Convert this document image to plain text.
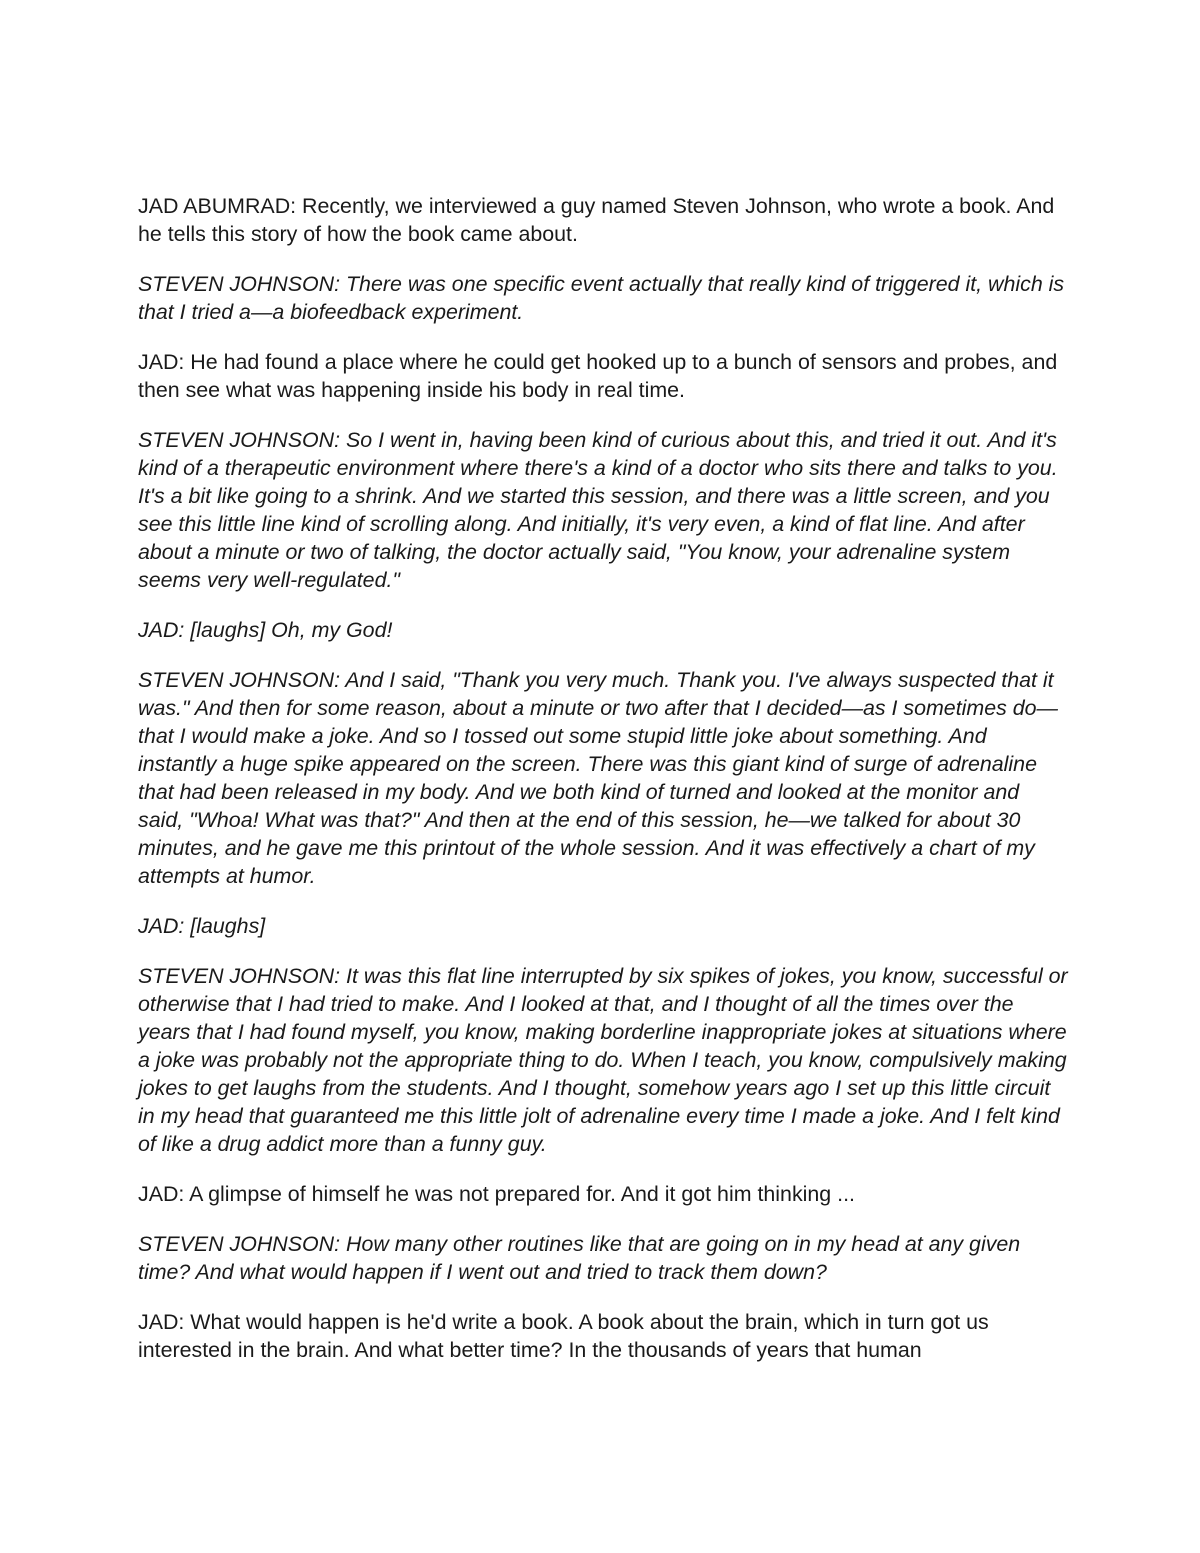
JAD ABUMRAD: Recently, we interviewed a guy named Steven Johnson, who wrote a book. And he tells this story of how the book came about.

STEVEN JOHNSON: There was one specific event actually that really kind of triggered it, which is that I tried a—a biofeedback experiment.

JAD: He had found a place where he could get hooked up to a bunch of sensors and probes, and then see what was happening inside his body in real time.

STEVEN JOHNSON: So I went in, having been kind of curious about this, and tried it out. And it's kind of a therapeutic environment where there's a kind of a doctor who sits there and talks to you. It's a bit like going to a shrink. And we started this session, and there was a little screen, and you see this little line kind of scrolling along. And initially, it's very even, a kind of flat line. And after about a minute or two of talking, the doctor actually said, "You know, your adrenaline system seems very well-regulated."

JAD: [laughs] Oh, my God!

STEVEN JOHNSON: And I said, "Thank you very much. Thank you. I've always suspected that it was." And then for some reason, about a minute or two after that I decided—as I sometimes do—that I would make a joke. And so I tossed out some stupid little joke about something. And instantly a huge spike appeared on the screen. There was this giant kind of surge of adrenaline that had been released in my body. And we both kind of turned and looked at the monitor and said, "Whoa! What was that?" And then at the end of this session, he—we talked for about 30 minutes, and he gave me this printout of the whole session. And it was effectively a chart of my attempts at humor.

JAD: [laughs]

STEVEN JOHNSON: It was this flat line interrupted by six spikes of jokes, you know, successful or otherwise that I had tried to make. And I looked at that, and I thought of all the times over the years that I had found myself, you know, making borderline inappropriate jokes at situations where a joke was probably not the appropriate thing to do. When I teach, you know, compulsively making jokes to get laughs from the students. And I thought, somehow years ago I set up this little circuit in my head that guaranteed me this little jolt of adrenaline every time I made a joke. And I felt kind of like a drug addict more than a funny guy.

JAD: A glimpse of himself he was not prepared for. And it got him thinking ...

STEVEN JOHNSON: How many other routines like that are going on in my head at any given time? And what would happen if I went out and tried to track them down?

JAD: What would happen is he'd write a book. A book about the brain, which in turn got us interested in the brain. And what better time? In the thousands of years that human
